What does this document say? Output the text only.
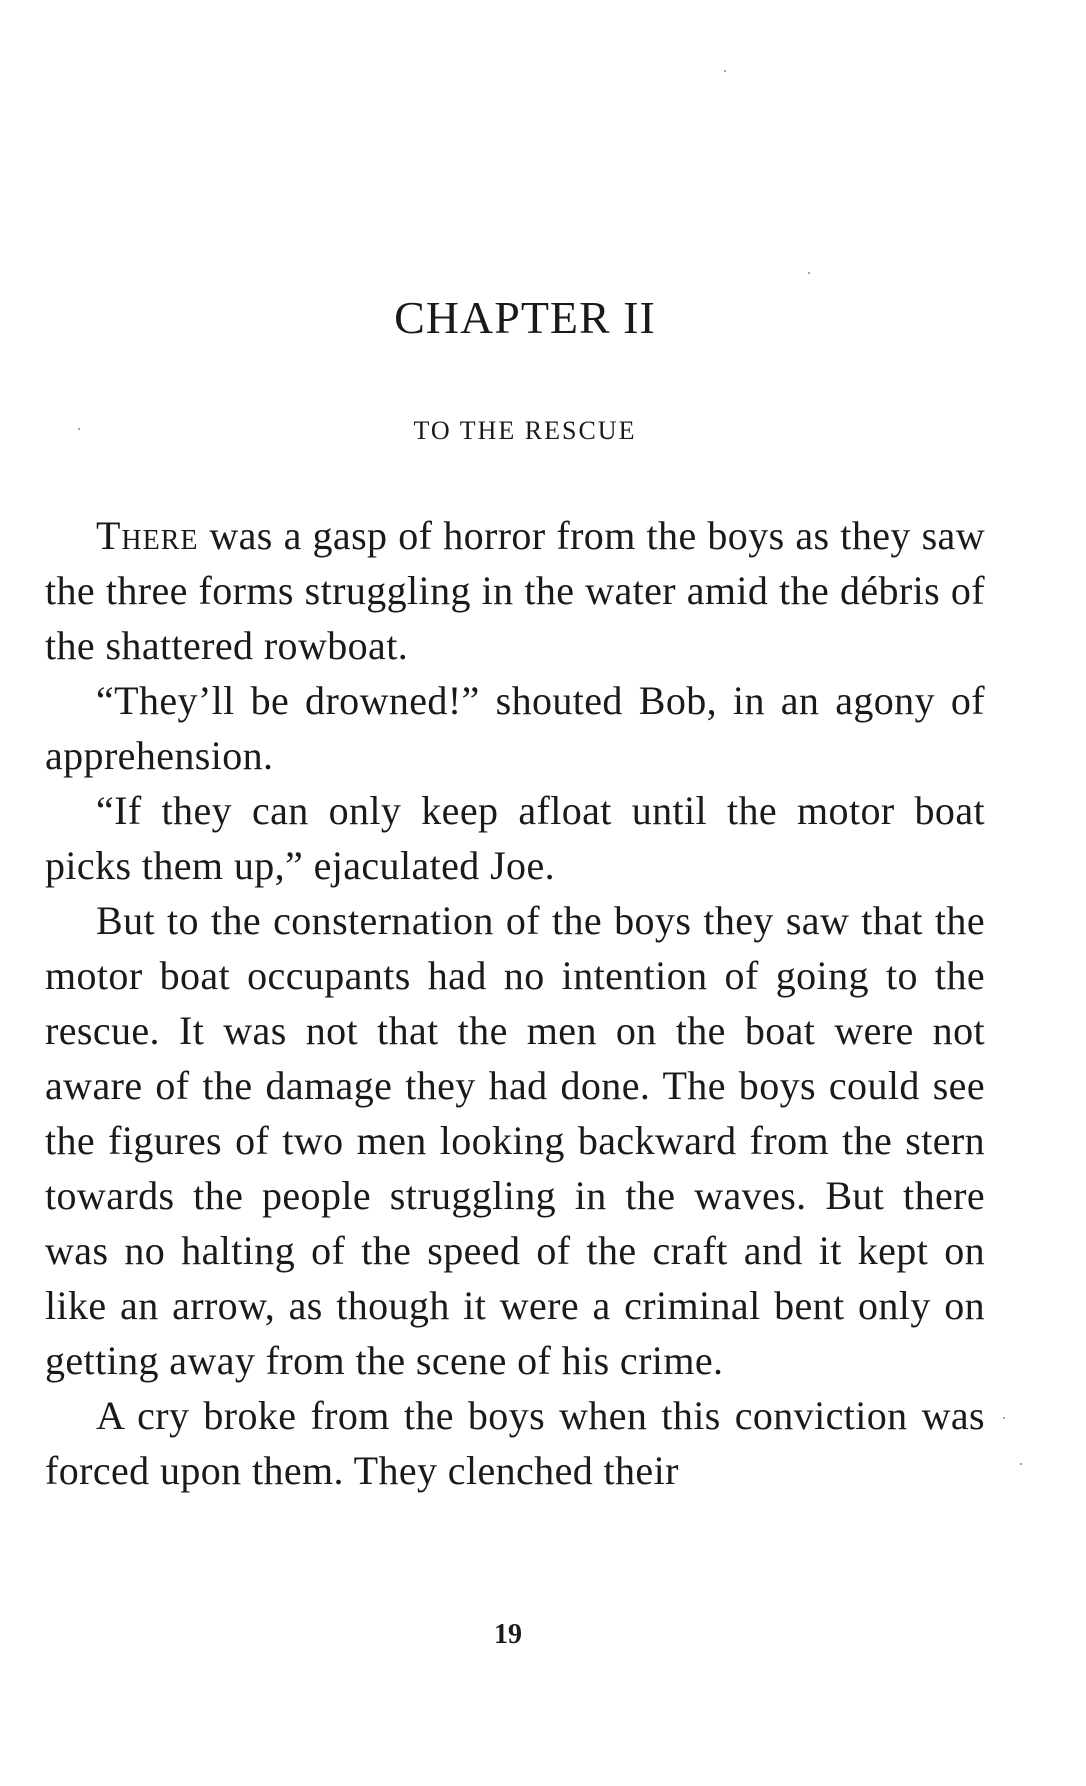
CHAPTER II
TO THE RESCUE

There was a gasp of horror from the boys as they saw the three forms struggling in the water amid the débris of the shattered rowboat.

“They’ll be drowned!” shouted Bob, in an agony of apprehension.

“If they can only keep afloat until the motor boat picks them up,” ejaculated Joe.

But to the consternation of the boys they saw that the motor boat occupants had no intention of going to the rescue. It was not that the men on the boat were not aware of the damage they had done. The boys could see the figures of two men looking backward from the stern towards the people struggling in the waves. But there was no halting of the speed of the craft and it kept on like an arrow, as though it were a criminal bent only on getting away from the scene of his crime.

A cry broke from the boys when this conviction was forced upon them. They clenched their

19
